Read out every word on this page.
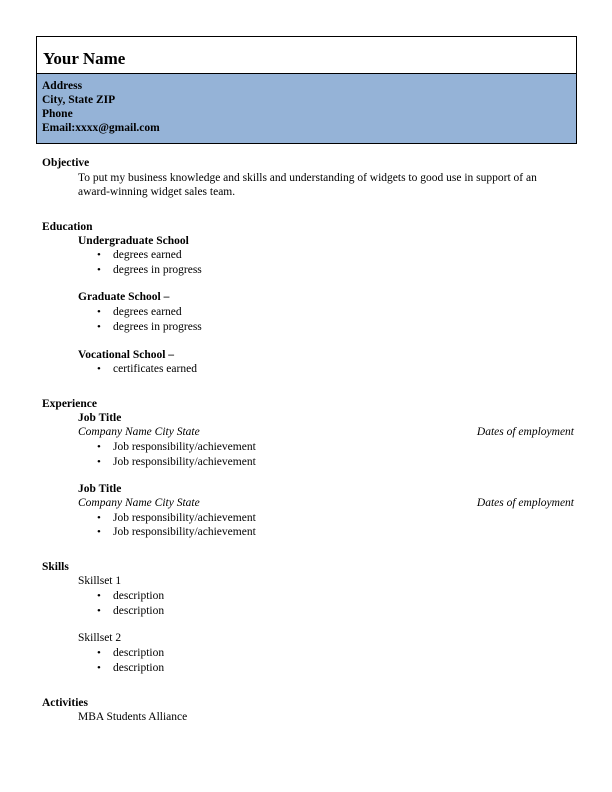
Your Name
Address
City, State ZIP
Phone
Email:xxxx@gmail.com
Objective
To put my business knowledge and skills and understanding of widgets to good use in support of an
award-winning widget sales team.
Education
Undergraduate School
• degrees earned
• degrees in progress
Graduate School –
• degrees earned
• degrees in progress
Vocational School –
• certificates earned
Experience
Job Title
Company Name City State	Dates of employment
• Job responsibility/achievement
• Job responsibility/achievement
Job Title
Company Name City State	Dates of employment
• Job responsibility/achievement
• Job responsibility/achievement
Skills
Skillset 1
• description
• description
Skillset 2
• description
• description
Activities
MBA Students Alliance
